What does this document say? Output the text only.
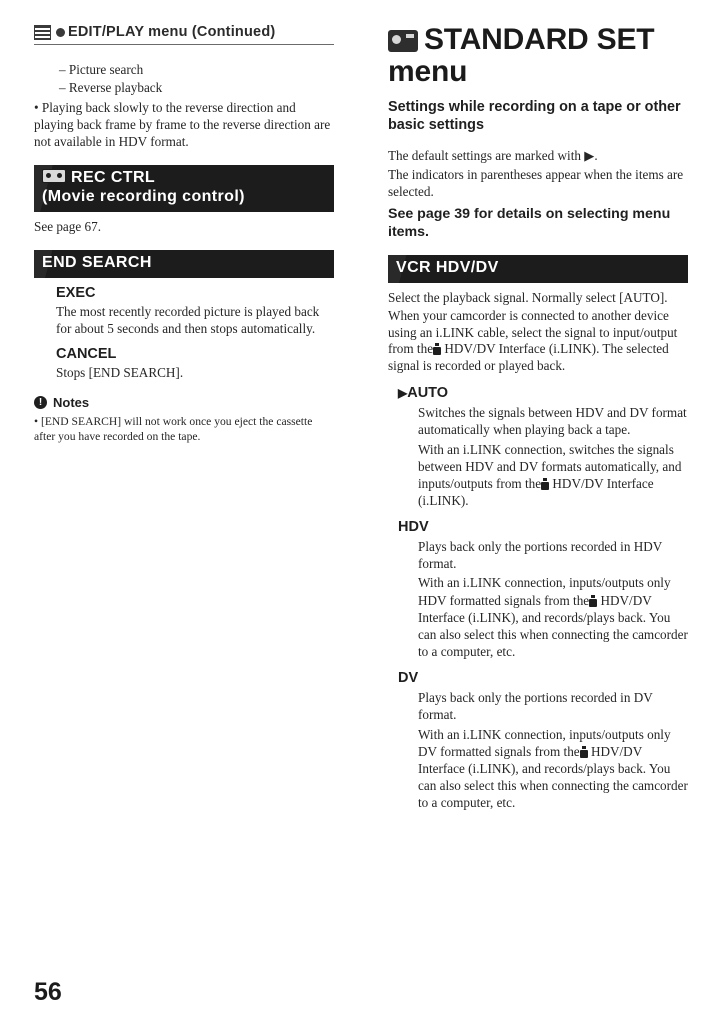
EDIT/PLAY menu (Continued)
– Picture search
– Reverse playback

• Playing back slowly to the reverse direction and playing back frame by frame to the reverse direction are not available in HDV format.

REC CTRL
(Movie recording control)

See page 67.

END SEARCH
EXEC

The most recently recorded picture is played back for about 5 seconds and then stops automatically.

CANCEL

Stops [END SEARCH].

! Notes

• [END SEARCH] will not work once you eject the cassette after you have recorded on the tape.

STANDARD SET
menu
Settings while recording on a tape or other basic settings

The default settings are marked with ▶.

The indicators in parentheses appear when the items are selected.

See page 39 for details on selecting menu items.

VCR HDV/DV

Select the playback signal. Normally select [AUTO].

When your camcorder is connected to another device using an i.LINK cable, select the signal to input/output from the HDV/DV Interface (i.LINK). The selected signal is recorded or played back.

▶AUTO

Switches the signals between HDV and DV format automatically when playing back a tape.

With an i.LINK connection, switches the signals between HDV and DV formats automatically, and inputs/outputs from the HDV/DV Interface (i.LINK).

HDV

Plays back only the portions recorded in HDV format.

With an i.LINK connection, inputs/outputs only HDV formatted signals from the HDV/DV Interface (i.LINK), and records/plays back. You can also select this when connecting the camcorder to a computer, etc.

DV

Plays back only the portions recorded in DV format.

With an i.LINK connection, inputs/outputs only DV formatted signals from the HDV/DV Interface (i.LINK), and records/plays back. You can also select this when connecting the camcorder to a computer, etc.

56
